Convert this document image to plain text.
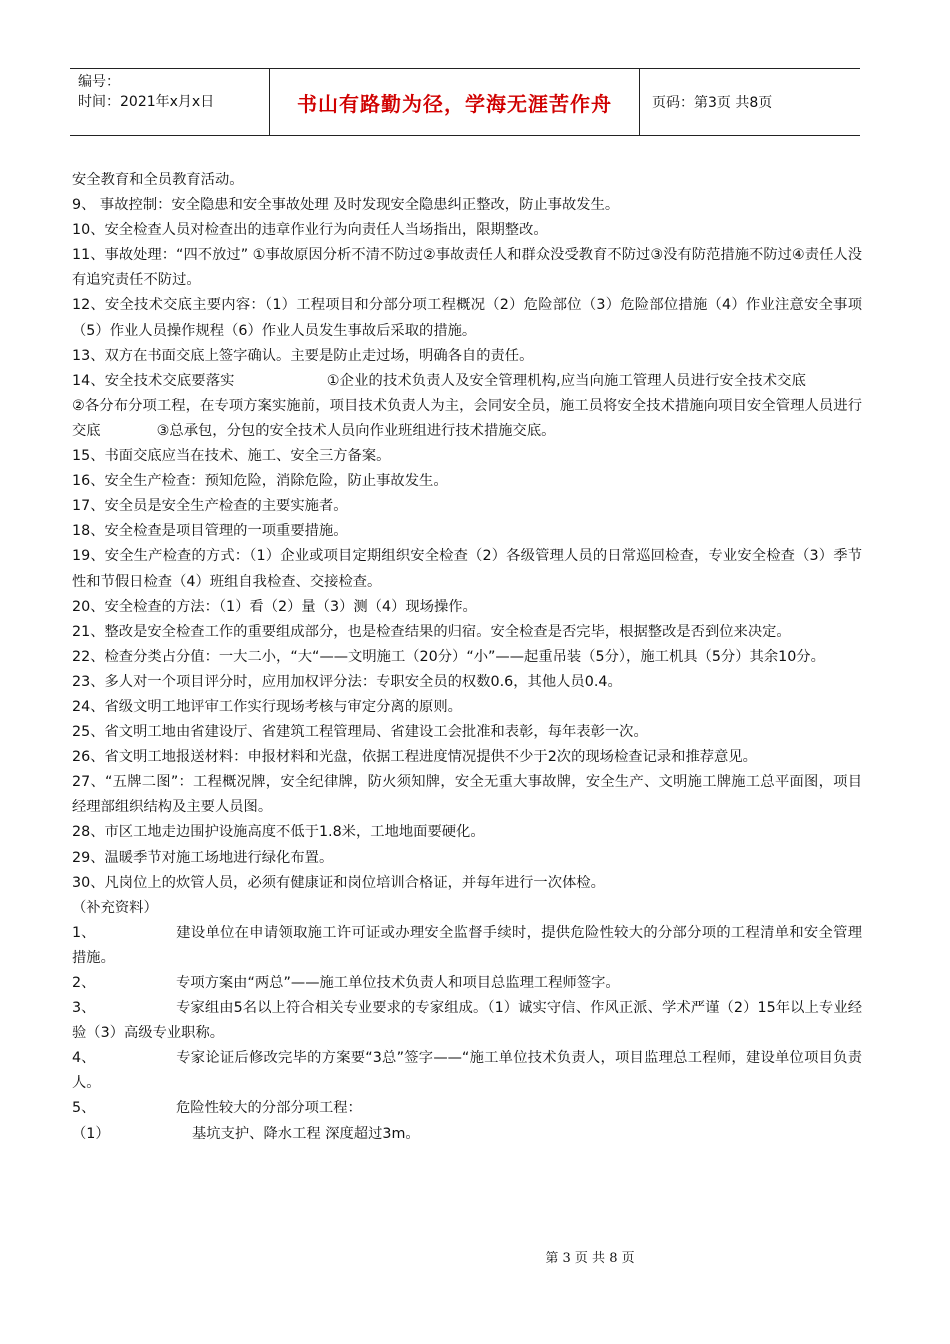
编号：
时间：2021年x月x日	书山有路勤为径，学海无涯苦作舟	页码：第3页 共8页

安全教育和全员教育活动。

9、 事故控制：安全隐患和安全事故处理 及时发现安全隐患纠正整改，防止事故发生。

10、安全检查人员对检查出的违章作业行为向责任人当场指出，限期整改。

11、事故处理：“四不放过” ①事故原因分析不清不防过②事故责任人和群众没受教育不防过③没有防范措施不防过④责任人没有追究责任不防过。

12、安全技术交底主要内容：（1）工程项目和分部分项工程概况（2）危险部位（3）危险部位措施（4）作业注意安全事项（5）作业人员操作规程（6）作业人员发生事故后采取的措施。

13、双方在书面交底上签字确认。主要是防止走过场，明确各自的责任。

14、安全技术交底要落实	①企业的技术负责人及安全管理机构,应当向施工管理人员进行安全技术交底②各分布分项工程，在专项方案实施前，项目技术负责人为主，会同安全员，施工员将安全技术措施向项目安全管理人员进行交底	③总承包，分包的安全技术人员向作业班组进行技术措施交底。

15、书面交底应当在技术、施工、安全三方备案。

16、安全生产检查：预知危险，消除危险，防止事故发生。

17、安全员是安全生产检查的主要实施者。

18、安全检查是项目管理的一项重要措施。

19、安全生产检查的方式：（1）企业或项目定期组织安全检查（2）各级管理人员的日常巡回检查，专业安全检查（3）季节性和节假日检查（4）班组自我检查、交接检查。

20、安全检查的方法：（1）看（2）量（3）测（4）现场操作。

21、整改是安全检查工作的重要组成部分，也是检查结果的归宿。安全检查是否完毕，根据整改是否到位来决定。

22、检查分类占分值：一大二小，“大“——文明施工（20分）“小”——起重吊装（5分），施工机具（5分）其余10分。

23、多人对一个项目评分时，应用加权评分法：专职安全员的权数0.6，其他人员0.4。

24、省级文明工地评审工作实行现场考核与审定分离的原则。

25、省文明工地由省建设厅、省建筑工程管理局、省建设工会批准和表彰，每年表彰一次。

26、省文明工地报送材料：申报材料和光盘，依据工程进度情况提供不少于2次的现场检查记录和推荐意见。

27、“五牌二图”：工程概况牌，安全纪律牌，防火须知牌，安全无重大事故牌，安全生产、文明施工牌施工总平面图，项目经理部组织结构及主要人员图。

28、市区工地走边围护设施高度不低于1.8米，工地地面要硬化。

29、温暖季节对施工场地进行绿化布置。

30、凡岗位上的炊管人员，必须有健康证和岗位培训合格证，并每年进行一次体检。

（补充资料）

1、	建设单位在申请领取施工许可证或办理安全监督手续时，提供危险性较大的分部分项的工程清单和安全管理措施。

2、	专项方案由“两总”——施工单位技术负责人和项目总监理工程师签字。

3、	专家组由5名以上符合相关专业要求的专家组成。（1）诚实守信、作风正派、学术严谨（2）15年以上专业经验（3）高级专业职称。

4、	专家论证后修改完毕的方案要“3总”签字——“施工单位技术负责人，项目监理总工程师，建设单位项目负责人。

5、	危险性较大的分部分项工程：

（1）	基坑支护、降水工程 深度超过3m。

第 3 页 共 8 页
